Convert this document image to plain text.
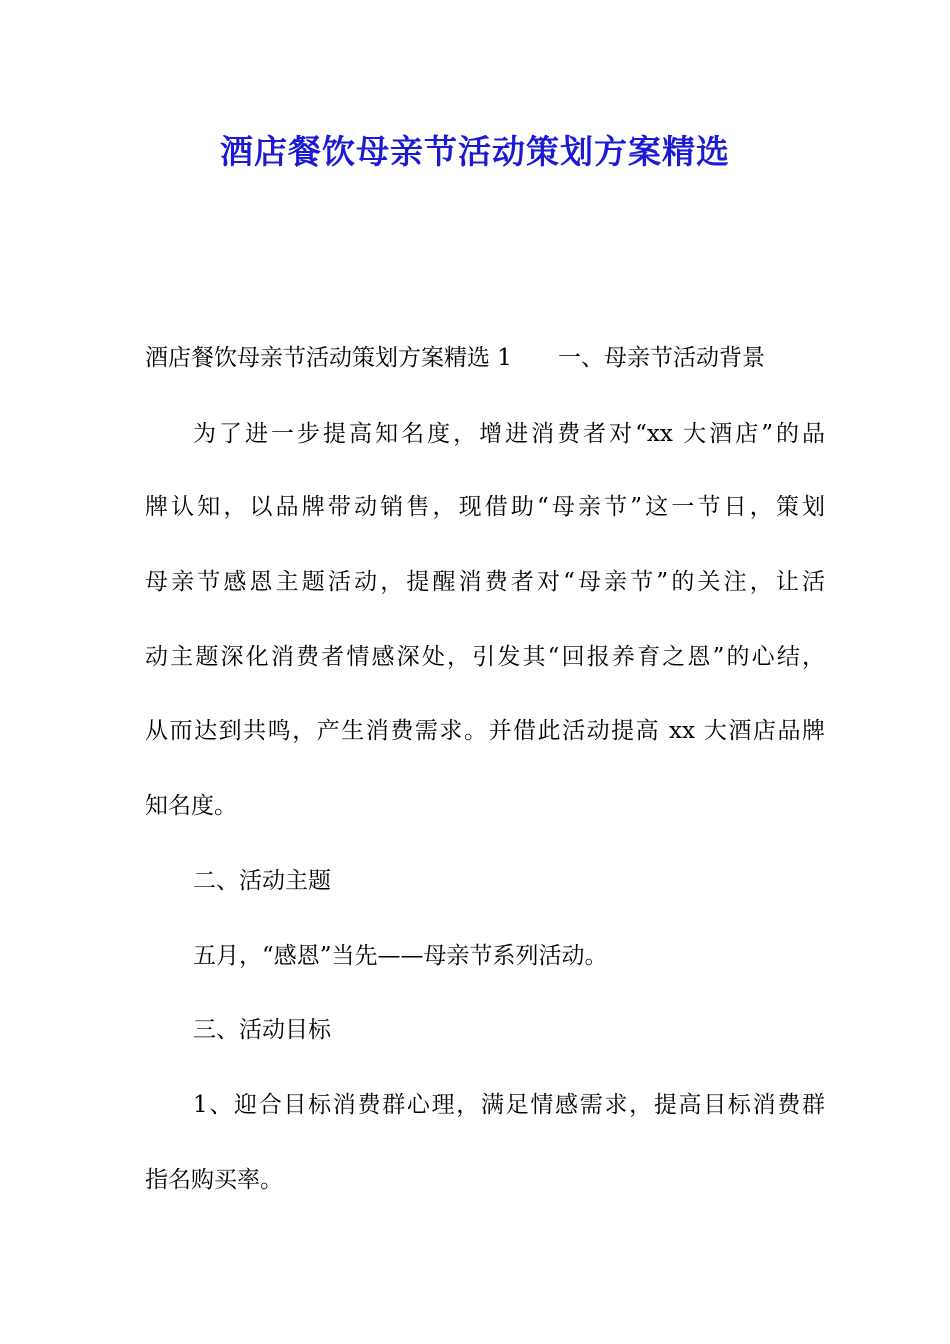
酒店餐饮母亲节活动策划方案精选

酒店餐饮母亲节活动策划方案精选 1 一、母亲节活动背景

为了进一步提高知名度，增进消费者对“xx 大酒店”的品

牌认知，以品牌带动销售，现借助“母亲节”这一节日，策划

母亲节感恩主题活动，提醒消费者对“母亲节”的关注，让活

动主题深化消费者情感深处，引发其“回报养育之恩”的心结，

从而达到共鸣，产生消费需求。并借此活动提高 xx 大酒店品牌

知名度。

二、活动主题

五月，“感恩”当先——母亲节系列活动。

三、活动目标

1、迎合目标消费群心理，满足情感需求，提高目标消费群

指名购买率。
